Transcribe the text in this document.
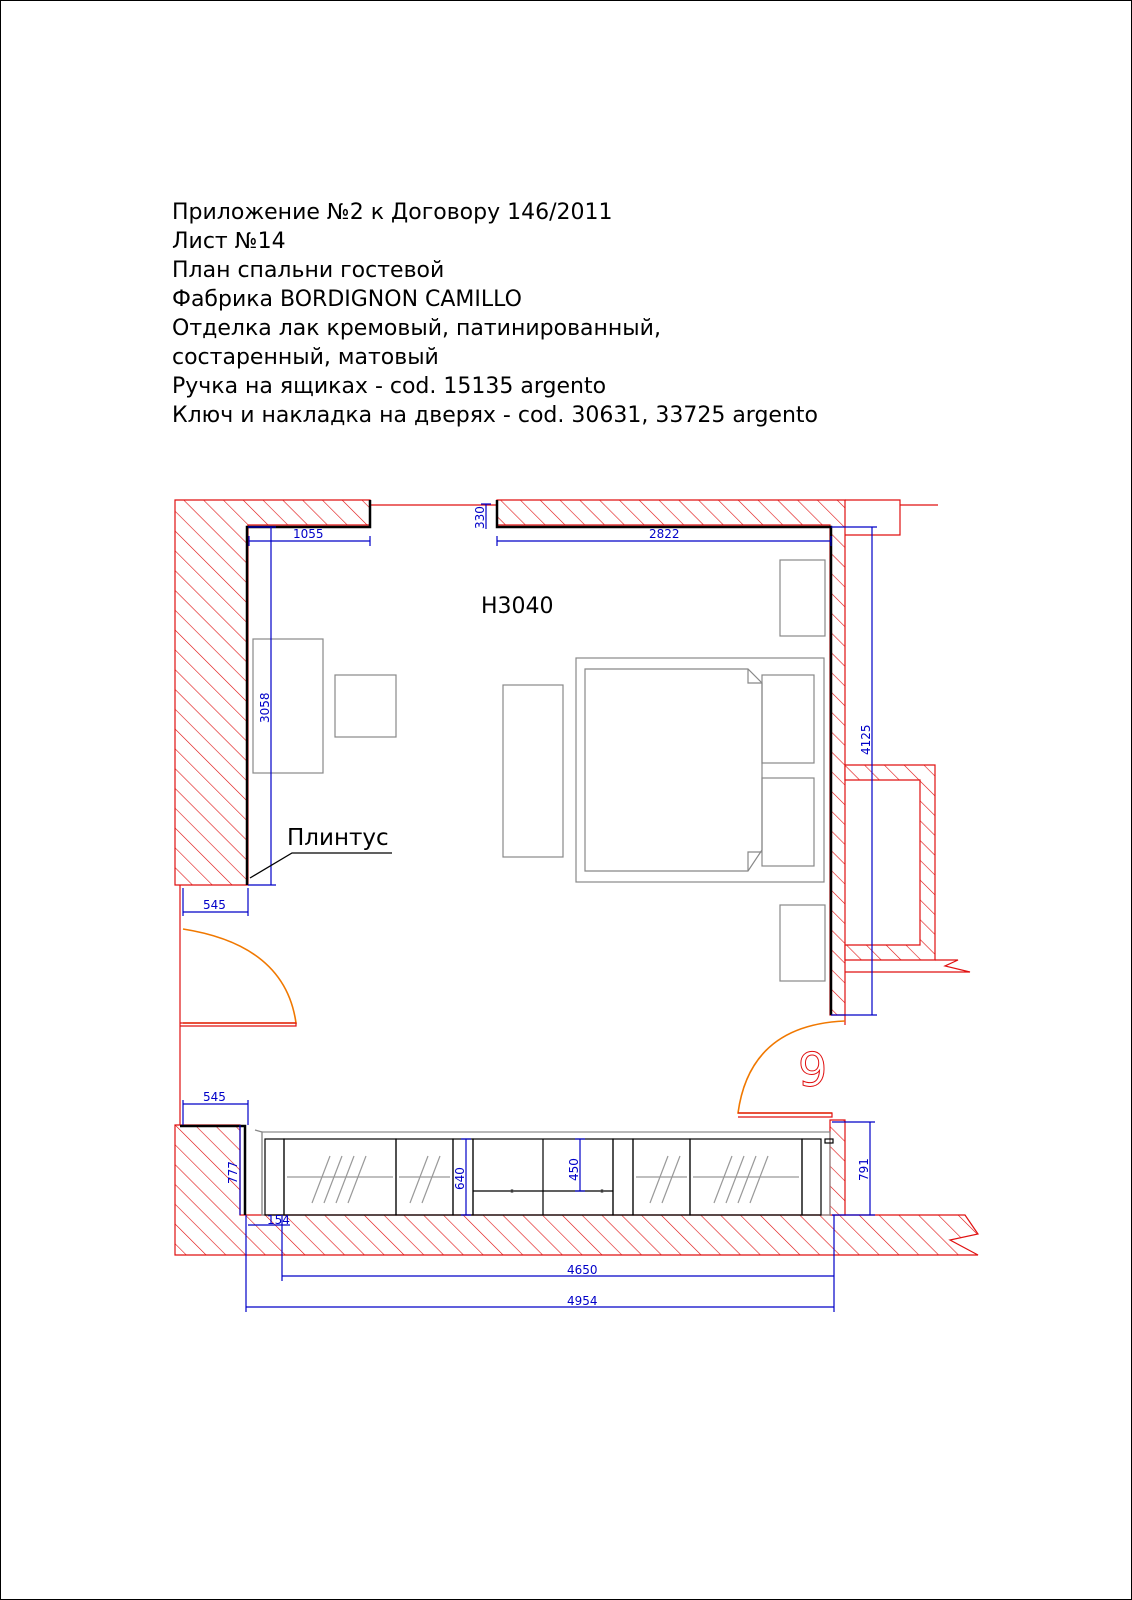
Приложение №2 к Договору 146/2011
Лист №14
План спальни гостевой
Фабрика BORDIGNON CAMILLO
Отделка лак кремовый, патинированный,
состаренный, матовый
Ручка на ящиках - cod. 15135 argento
Ключ и накладка на дверях - cod. 30631, 33725 argento
1055
330
2822
3058
4125
545
545
777	640	450	791
154
4650
4954
H3040
Плинтус
9
